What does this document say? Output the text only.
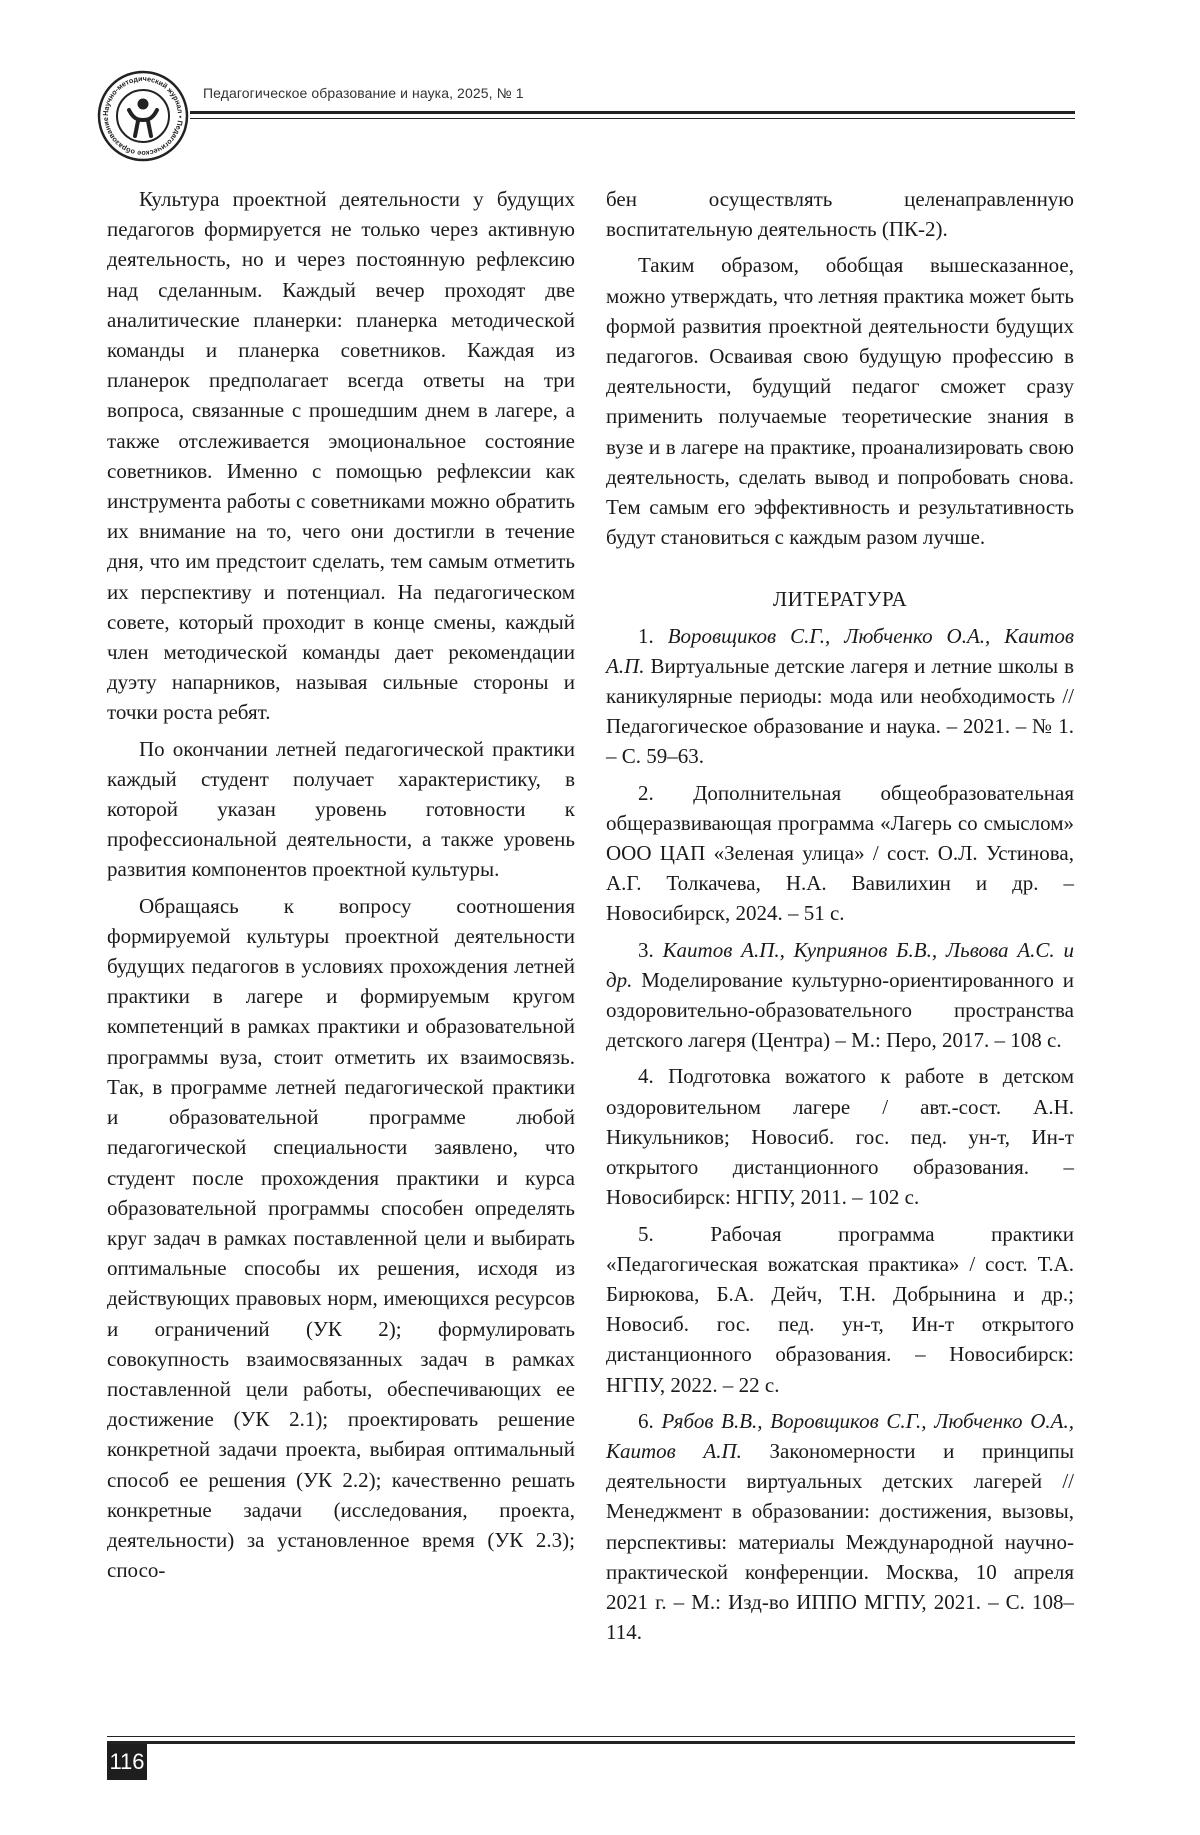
Научно-методический журнал • Педагогическое образование
Педагогическое образование и наука, 2025, № 1

Культура проектной деятельности у будущих педагогов формируется не только через активную деятельность, но и через постоянную рефлексию над сделанным. Каждый вечер проходят две аналитические планерки: планерка методической команды и планерка советников. Каждая из планерок предполагает всегда ответы на три вопроса, связанные с прошедшим днем в лагере, а также отслеживается эмоциональное состояние советников. Именно с помощью рефлексии как инструмента работы с советниками можно обратить их внимание на то, чего они достигли в течение дня, что им предстоит сделать, тем самым отметить их перспективу и потенциал. На педагогическом совете, который проходит в конце смены, каждый член методической команды дает рекомендации дуэту напарников, называя сильные стороны и точки роста ребят.

По окончании летней педагогической практики каждый студент получает характеристику, в которой указан уровень готовности к профессиональной деятельности, а также уровень развития компонентов проектной культуры.

Обращаясь к вопросу соотношения формируемой культуры проектной деятельности будущих педагогов в условиях прохождения летней практики в лагере и формируемым кругом компетенций в рамках практики и образовательной программы вуза, стоит отметить их взаимосвязь. Так, в программе летней педагогической практики и образовательной программе любой педагогической специальности заявлено, что студент после прохождения практики и курса образовательной программы способен определять круг задач в рамках поставленной цели и выбирать оптимальные способы их решения, исходя из действующих правовых норм, имеющихся ресурсов и ограничений (УК 2); формулировать совокупность взаимосвязанных задач в рамках поставленной цели работы, обеспечивающих ее достижение (УК 2.1); проектировать решение конкретной задачи проекта, выбирая оптимальный способ ее решения (УК 2.2); качественно решать конкретные задачи (исследования, проекта, деятельности) за установленное время (УК 2.3); спосо-

бен осуществлять целенаправленную воспитательную деятельность (ПК-2).

Таким образом, обобщая вышесказанное, можно утверждать, что летняя практика может быть формой развития проектной деятельности будущих педагогов. Осваивая свою будущую профессию в деятельности, будущий педагог сможет сразу применить получаемые теоретические знания в вузе и в лагере на практике, проанализировать свою деятельность, сделать вывод и попробовать снова. Тем самым его эффективность и результативность будут становиться с каждым разом лучше.

ЛИТЕРАТУРА

1. Воровщиков С.Г., Любченко О.А., Каитов А.П. Виртуальные детские лагеря и летние школы в каникулярные периоды: мода или необходимость // Педагогическое образование и наука. – 2021. – № 1. – С. 59–63.

2. Дополнительная общеобразовательная общеразвивающая программа «Лагерь со смыслом» ООО ЦАП «Зеленая улица» / сост. О.Л. Устинова, А.Г. Толкачева, Н.А. Вавилихин и др. – Новосибирск, 2024. – 51 с.

3. Каитов А.П., Куприянов Б.В., Львова А.С. и др. Моделирование культурно-ориентированного и оздоровительно-образовательного пространства детского лагеря (Центра) – М.: Перо, 2017. – 108 с.

4. Подготовка вожатого к работе в детском оздоровительном лагере / авт.-сост. А.Н. Никульников; Новосиб. гос. пед. ун-т, Ин-т открытого дистанционного образования. – Новосибирск: НГПУ, 2011. – 102 с.

5.	Рабочая программа практики «Педагогическая вожатская практика» / сост. Т.А. Бирюкова, Б.А. Дейч, Т.Н. Добрынина и др.; Новосиб. гос. пед. ун-т, Ин-т открытого дистанционного образования. – Новосибирск: НГПУ, 2022. – 22 с.

6. Рябов В.В., Воровщиков С.Г., Любченко О.А., Каитов А.П. Закономерности и принципы деятельности виртуальных детских лагерей // Менеджмент в образовании: достижения, вызовы, перспективы: материалы Международной научно-практической конференции. Москва, 10 апреля 2021 г. – М.: Изд-во ИППО МГПУ, 2021. – С. 108–114.

116
